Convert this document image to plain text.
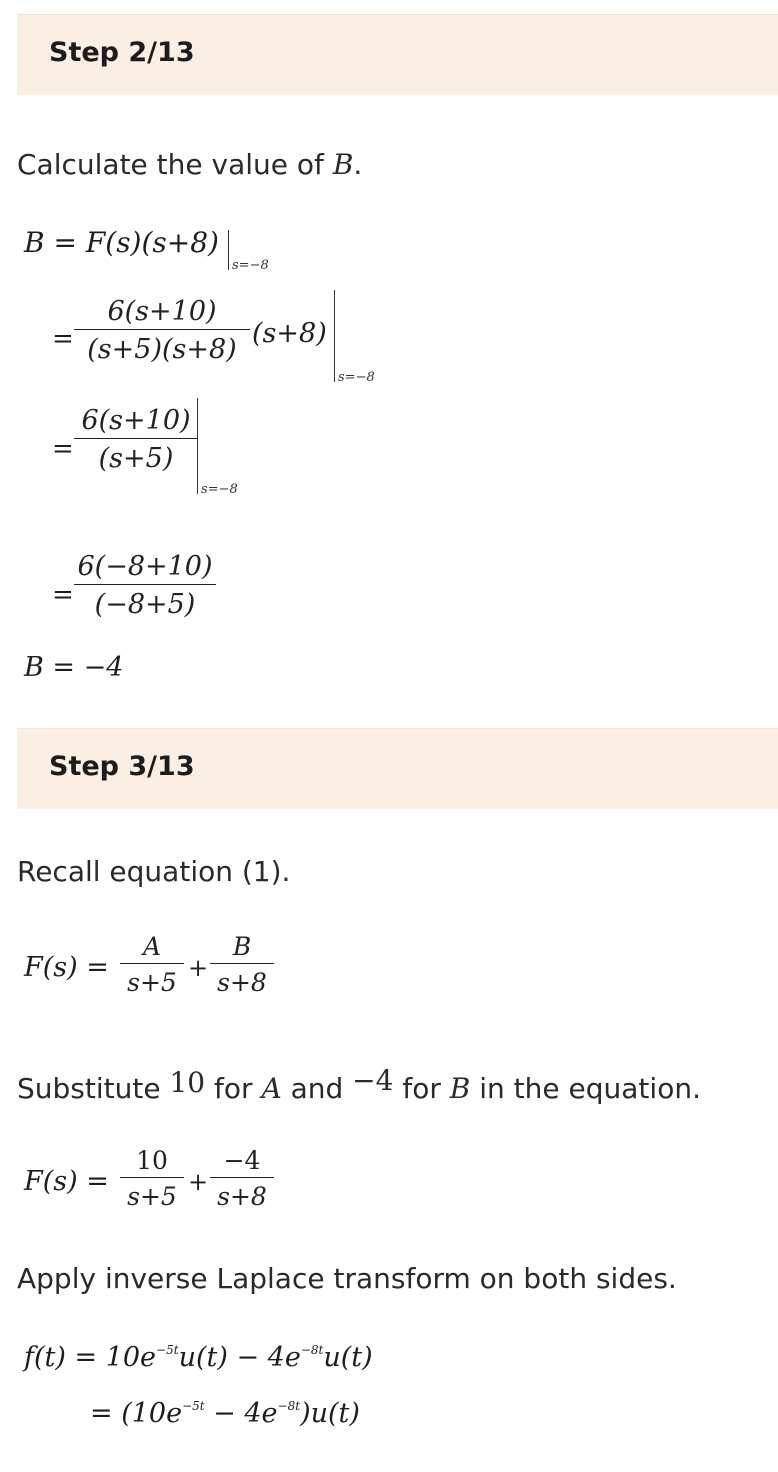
Step 2/13
Calculate the value of B.
B = F(s)(s+8)
s=−8
= $\frac{6(s+10)}{(s+5)(s+8)} (s+8)$
s=−8
= $\frac{6(s+10)}{(s+5)}$
s=−8
= $\frac{6(-8+10)}{(-8+5)}$
B = −4
Step 3/13
Recall equation (1).
$F(s) = \frac{A}{s+5} + \frac{B}{s+8}$
Substitute 10 for A and −4 for B in the equation.
$F(s) = \frac{10}{s+5} + \frac{-4}{s+8}$
Apply inverse Laplace transform on both sides.
$f(t) = 10e^{-5t}u(t) - 4e^{-8t}u(t)$
= $(10e^{-5t} - 4e^{-8t})u(t)$
